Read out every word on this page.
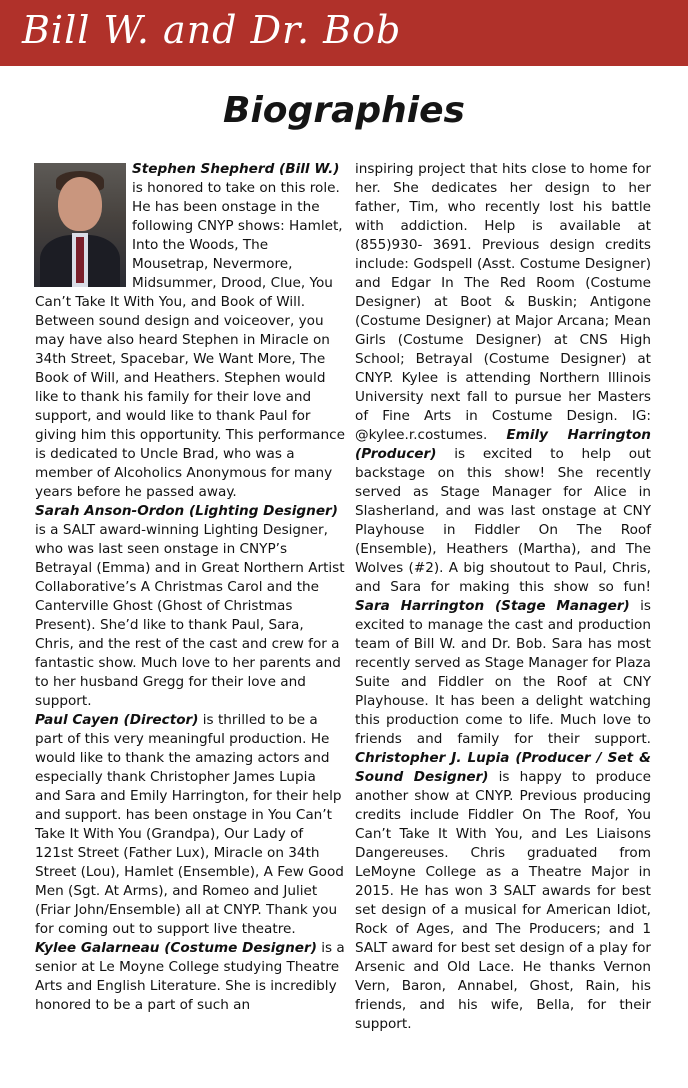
Bill W. and Dr. Bob
Biographies

Stephen Shepherd (Bill W.) is honored to take on this role. He has been onstage in the following CNYP shows: Hamlet, Into the Woods, The Mousetrap, Nevermore, Midsummer, Drood, Clue, You Can’t Take It With You, and Book of Will. Between sound design and voiceover, you may have also heard Stephen in Miracle on 34th Street, Spacebar, We Want More, The Book of Will, and Heathers. Stephen would like to thank his family for their love and support, and would like to thank Paul for giving him this opportunity. This performance is dedicated to Uncle Brad, who was a member of Alcoholics Anonymous for many years before he passed away.

Sarah Anson-Ordon (Lighting Designer) is a SALT award-winning Lighting Designer, who was last seen onstage in CNYP’s Betrayal (Emma) and in Great Northern Artist Collaborative’s A Christmas Carol and the Canterville Ghost (Ghost of Christmas Present). She’d like to thank Paul, Sara, Chris, and the rest of the cast and crew for a fantastic show. Much love to her parents and to her husband Gregg for their love and support.

Paul Cayen (Director) is thrilled to be a part of this very meaningful production. He would like to thank the amazing actors and especially thank Christopher James Lupia and Sara and Emily Harrington, for their help and support. has been onstage in You Can’t Take It With You (Grandpa), Our Lady of 121st Street (Father Lux), Miracle on 34th Street (Lou), Hamlet (Ensemble), A Few Good Men (Sgt. At Arms), and Romeo and Juliet (Friar John/Ensemble) all at CNYP. Thank you for coming out to support live theatre.

Kylee Galarneau (Costume Designer) is a senior at Le Moyne College studying Theatre Arts and English Literature. She is incredibly honored to be a part of such an

inspiring project that hits close to home for her. She dedicates her design to her father, Tim, who recently lost his battle with addiction. Help is available at (855)930- 3691. Previous design credits include: Godspell (Asst. Costume Designer) and Edgar In The Red Room (Costume Designer) at Boot & Buskin; Antigone (Costume Designer) at Major Arcana; Mean Girls (Costume Designer) at CNS High School; Betrayal (Costume Designer) at CNYP. Kylee is attending Northern Illinois University next fall to pursue her Masters of Fine Arts in Costume Design. IG: @kylee.r.costumes. Emily Harrington (Producer) is excited to help out backstage on this show! She recently served as Stage Manager for Alice in Slasherland, and was last onstage at CNY Playhouse in Fiddler On The Roof (Ensemble), Heathers (Martha), and The Wolves (#2). A big shoutout to Paul, Chris, and Sara for making this show so fun! Sara Harrington (Stage Manager) is excited to manage the cast and production team of Bill W. and Dr. Bob. Sara has most recently served as Stage Manager for Plaza Suite and Fiddler on the Roof at CNY Playhouse. It has been a delight watching this production come to life. Much love to friends and family for their support. Christopher J. Lupia (Producer / Set & Sound Designer) is happy to produce another show at CNYP. Previous producing credits include Fiddler On The Roof, You Can’t Take It With You, and Les Liaisons Dangereuses. Chris graduated from LeMoyne College as a Theatre Major in 2015. He has won 3 SALT awards for best set design of a musical for American Idiot, Rock of Ages, and The Producers; and 1 SALT award for best set design of a play for Arsenic and Old Lace. He thanks Vernon Vern, Baron, Annabel, Ghost, Rain, his friends, and his wife, Bella, for their support.
